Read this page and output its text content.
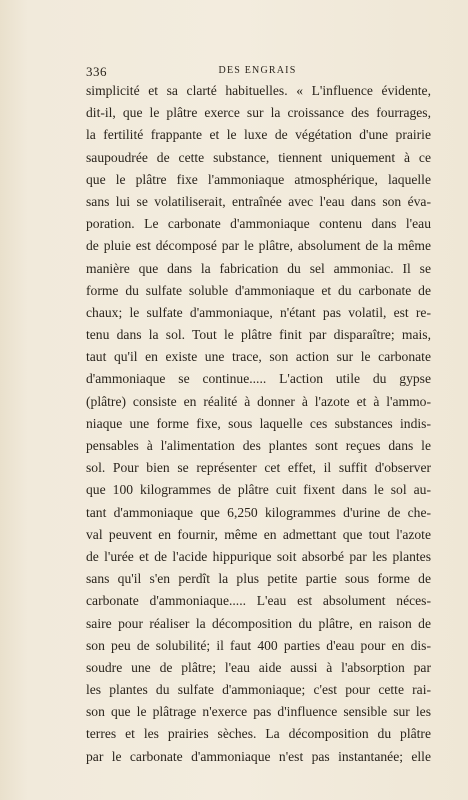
336	DES ENGRAIS
simplicité et sa clarté habituelles. « L'influence évidente,
dit-il, que le plâtre exerce sur la croissance des fourrages,
la fertilité frappante et le luxe de végétation d'une prairie
saupoudrée de cette substance, tiennent uniquement à ce
que le plâtre fixe l'ammoniaque atmosphérique, laquelle
sans lui se volatiliserait, entraînée avec l'eau dans son éva-
poration. Le carbonate d'ammoniaque contenu dans l'eau
de pluie est décomposé par le plâtre, absolument de la même
manière que dans la fabrication du sel ammoniac. Il se
forme du sulfate soluble d'ammoniaque et du carbonate de
chaux; le sulfate d'ammoniaque, n'étant pas volatil, est re-
tenu dans la sol. Tout le plâtre finit par disparaître; mais,
taut qu'il en existe une trace, son action sur le carbonate
d'ammoniaque se continue..... L'action utile du gypse
(plâtre) consiste en réalité à donner à l'azote et à l'ammo-
niaque une forme fixe, sous laquelle ces substances indis-
pensables à l'alimentation des plantes sont reçues dans le
sol. Pour bien se représenter cet effet, il suffit d'observer
que 100 kilogrammes de plâtre cuit fixent dans le sol au-
tant d'ammoniaque que 6,250 kilogrammes d'urine de che-
val peuvent en fournir, même en admettant que tout l'azote
de l'urée et de l'acide hippurique soit absorbé par les plantes
sans qu'il s'en perdît la plus petite partie sous forme de
carbonate d'ammoniaque..... L'eau est absolument néces-
saire pour réaliser la décomposition du plâtre, en raison de
son peu de solubilité; il faut 400 parties d'eau pour en dis-
soudre une de plâtre; l'eau aide aussi à l'absorption par
les plantes du sulfate d'ammoniaque; c'est pour cette rai-
son que le plâtrage n'exerce pas d'influence sensible sur les
terres et les prairies sèches. La décomposition du plâtre
par le carbonate d'ammoniaque n'est pas instantanée; elle
